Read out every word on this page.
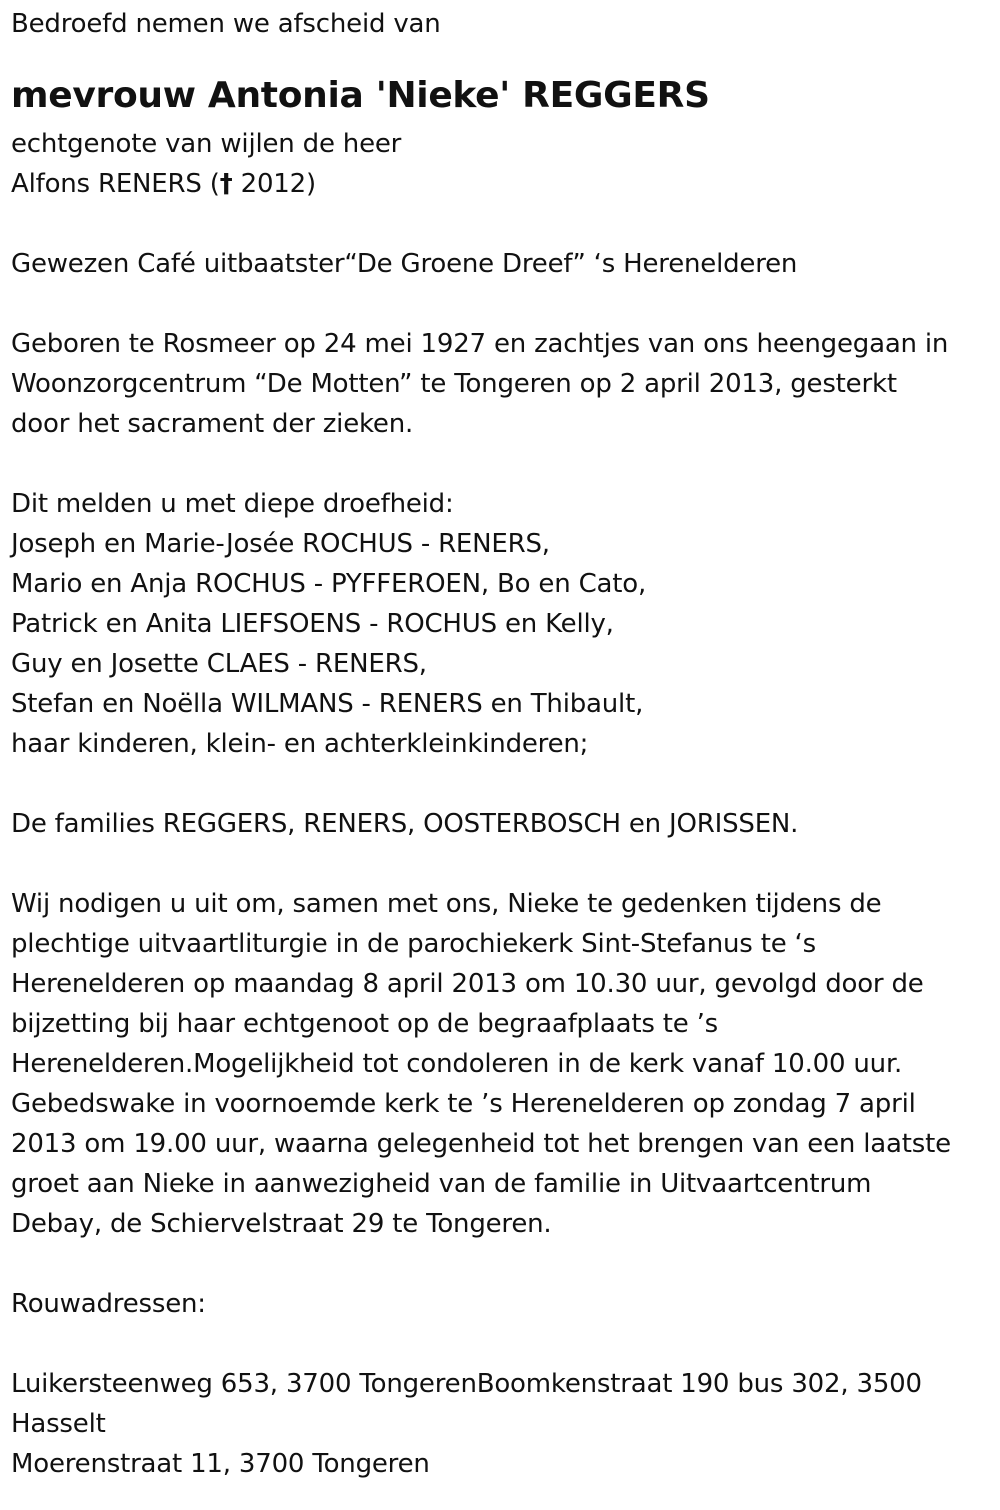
Bedroefd nemen we afscheid van
mevrouw Antonia 'Nieke' REGGERS
echtgenote van wijlen de heer
Alfons RENERS († 2012)
Gewezen Café uitbaatster“De Groene Dreef” ‘s Herenelderen
Geboren te Rosmeer op 24 mei 1927 en zachtjes van ons heengegaan in
Woonzorgcentrum “De Motten” te Tongeren op 2 april 2013, gesterkt
door het sacrament der zieken.
Dit melden u met diepe droefheid:
Joseph en Marie-Josée ROCHUS - RENERS,
Mario en Anja ROCHUS - PYFFEROEN, Bo en Cato,
Patrick en Anita LIEFSOENS - ROCHUS en Kelly,
Guy en Josette CLAES - RENERS,
Stefan en Noëlla WILMANS - RENERS en Thibault,
haar kinderen, klein- en achterkleinkinderen;
De families REGGERS, RENERS, OOSTERBOSCH en JORISSEN.
Wij nodigen u uit om, samen met ons, Nieke te gedenken tijdens de
plechtige uitvaartliturgie in de parochiekerk Sint-Stefanus te ‘s
Herenelderen op maandag 8 april 2013 om 10.30 uur, gevolgd door de
bijzetting bij haar echtgenoot op de begraafplaats te ’s
Herenelderen.Mogelijkheid tot condoleren in de kerk vanaf 10.00 uur.
Gebedswake in voornoemde kerk te ’s Herenelderen op zondag 7 april
2013 om 19.00 uur, waarna gelegenheid tot het brengen van een laatste
groet aan Nieke in aanwezigheid van de familie in Uitvaartcentrum
Debay, de Schiervelstraat 29 te Tongeren.
Rouwadressen:
Luikersteenweg 653, 3700 TongerenBoomkenstraat 190 bus 302, 3500
Hasselt
Moerenstraat 11, 3700 Tongeren
